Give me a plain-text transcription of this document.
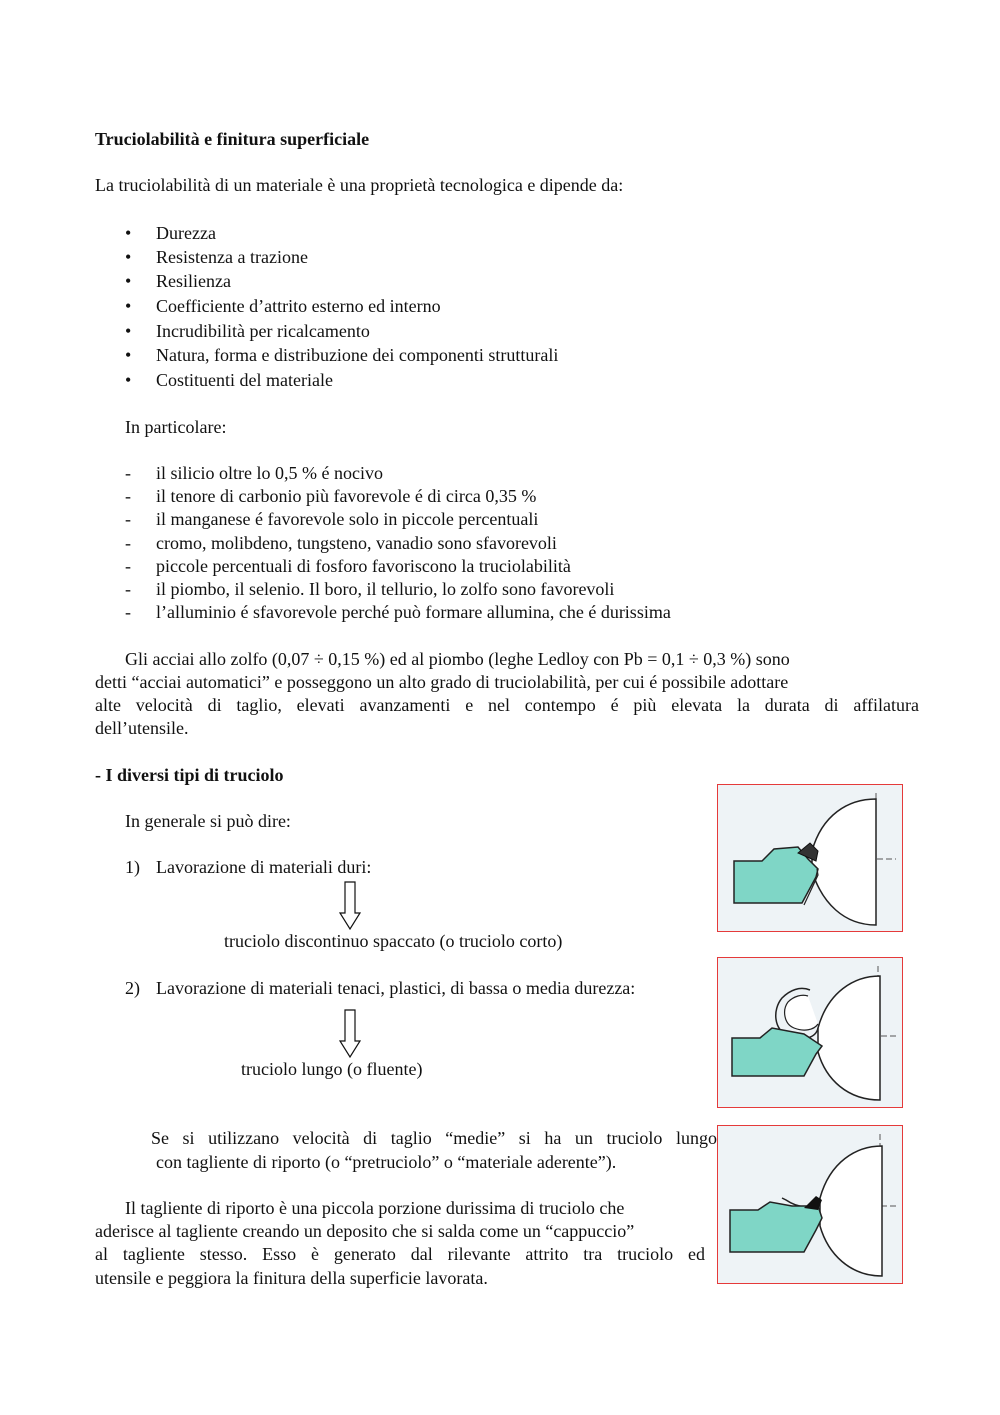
Truciolabilità e finitura superficiale
La truciolabilità di un materiale è una proprietà tecnologica e dipende da:
• Durezza
• Resistenza a trazione
• Resilienza
• Coefficiente d’attrito esterno ed interno
• Incrudibilità per ricalcamento
• Natura, forma e distribuzione dei componenti strutturali
• Costituenti del materiale
In particolare:
- il silicio oltre lo 0,5 % é nocivo
- il tenore di carbonio più favorevole é di circa 0,35 %
- il manganese é favorevole solo in piccole percentuali
- cromo, molibdeno, tungsteno, vanadio sono sfavorevoli
- piccole percentuali di fosforo favoriscono la truciolabilità
- il piombo, il selenio. Il boro, il tellurio, lo zolfo sono favorevoli
- l’alluminio é sfavorevole perché può formare allumina, che é durissima
Gli acciai allo zolfo (0,07 ÷ 0,15 %) ed al piombo (leghe Ledloy con Pb = 0,1 ÷ 0,3 %) sono
detti “acciai automatici” e posseggono un alto grado di truciolabilità, per cui é possibile adottare
alte velocità di taglio, elevati avanzamenti e nel contempo é più elevata la durata di affilatura
dell’utensile.
- I diversi tipi di truciolo
In generale si può dire:
1) Lavorazione di materiali duri:
truciolo discontinuo spaccato (o truciolo corto)
2) Lavorazione di materiali tenaci, plastici, di bassa o media durezza:
truciolo lungo (o fluente)
Se si utilizzano velocità di taglio “medie” si ha un truciolo lungo
con tagliente di riporto (o “pretruciolo” o “materiale aderente”).
Il tagliente di riporto è una piccola porzione durissima di truciolo che
aderisce al tagliente creando un deposito che si salda come un “cappuccio”
al tagliente stesso. Esso è generato dal rilevante attrito tra truciolo ed
utensile e peggiora la finitura della superficie lavorata.
